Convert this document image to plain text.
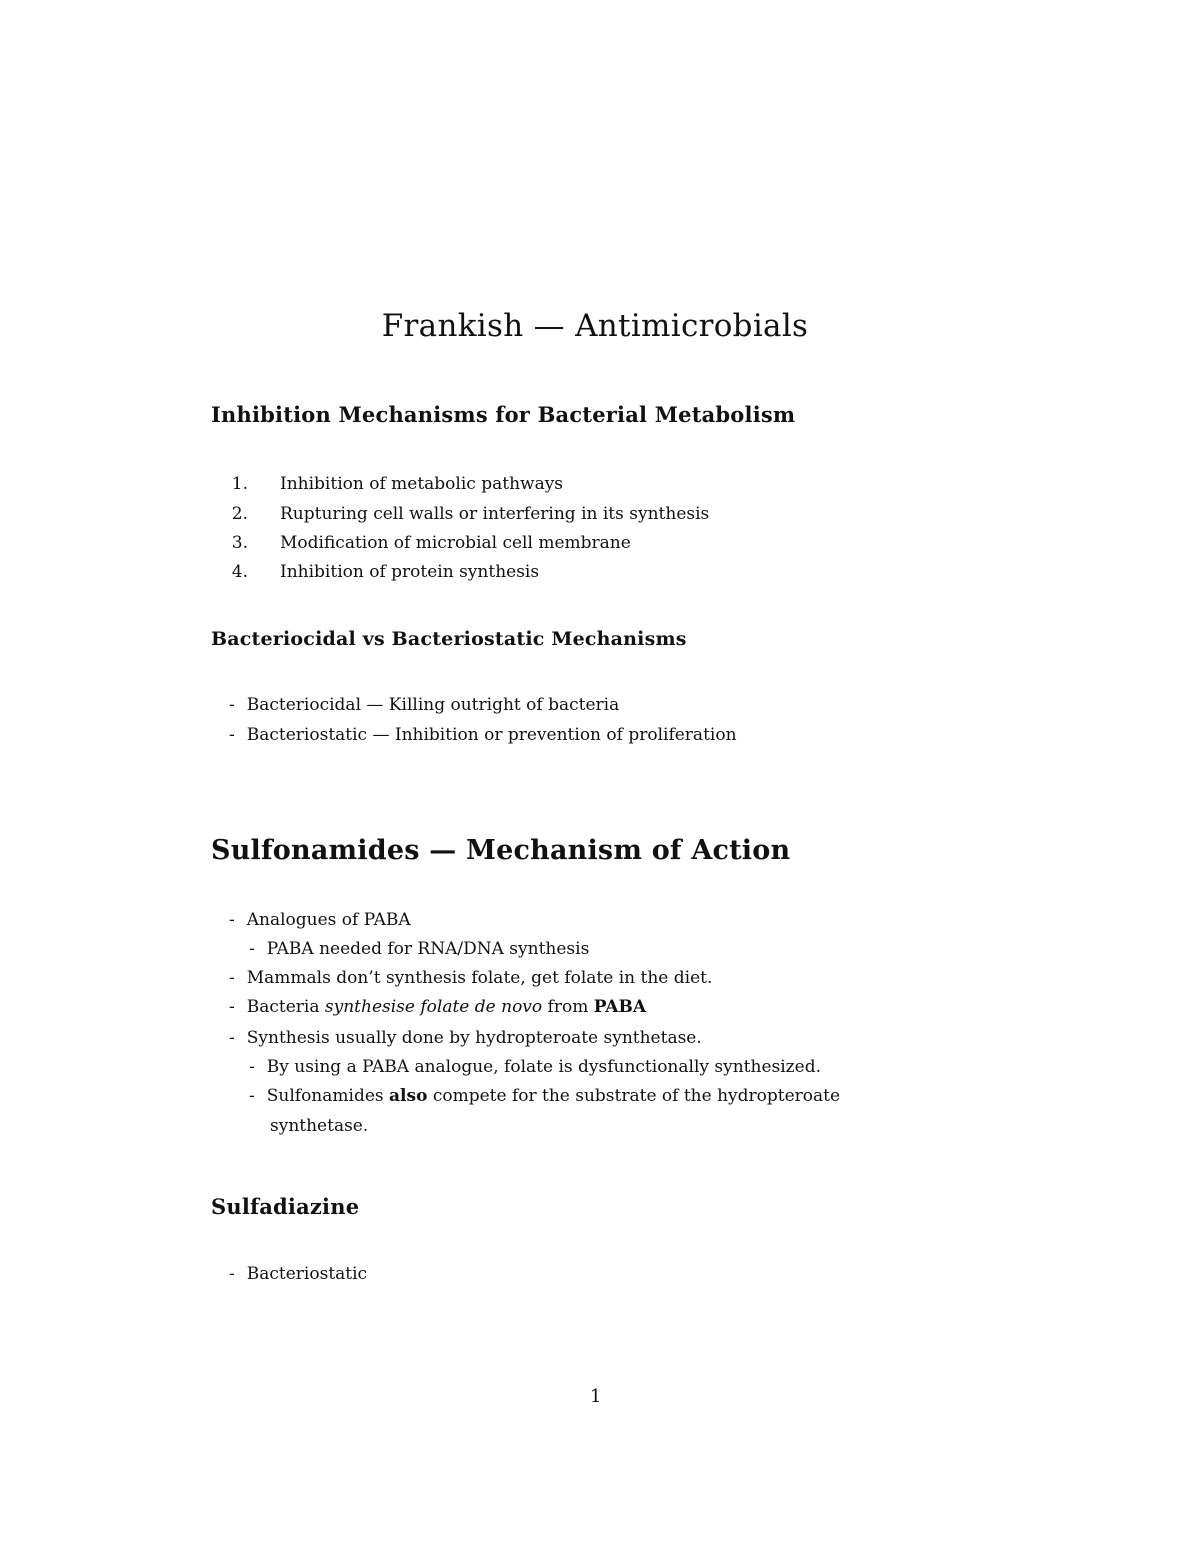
Frankish — Antimicrobials
Inhibition Mechanisms for Bacterial Metabolism
1. Inhibition of metabolic pathways
2. Rupturing cell walls or interfering in its synthesis
3. Modification of microbial cell membrane
4. Inhibition of protein synthesis
Bacteriocidal vs Bacteriostatic Mechanisms
- Bacteriocidal — Killing outright of bacteria
- Bacteriostatic — Inhibition or prevention of proliferation
Sulfonamides — Mechanism of Action
- Analogues of PABA
- PABA needed for RNA/DNA synthesis
- Mammals don’t synthesis folate, get folate in the diet.
- Bacteria synthesise folate de novo from PABA
- Synthesis usually done by hydropteroate synthetase.
- By using a PABA analogue, folate is dysfunctionally synthesized.
- Sulfonamides also compete for the substrate of the hydropteroate
synthetase.
Sulfadiazine
- Bacteriostatic
1
